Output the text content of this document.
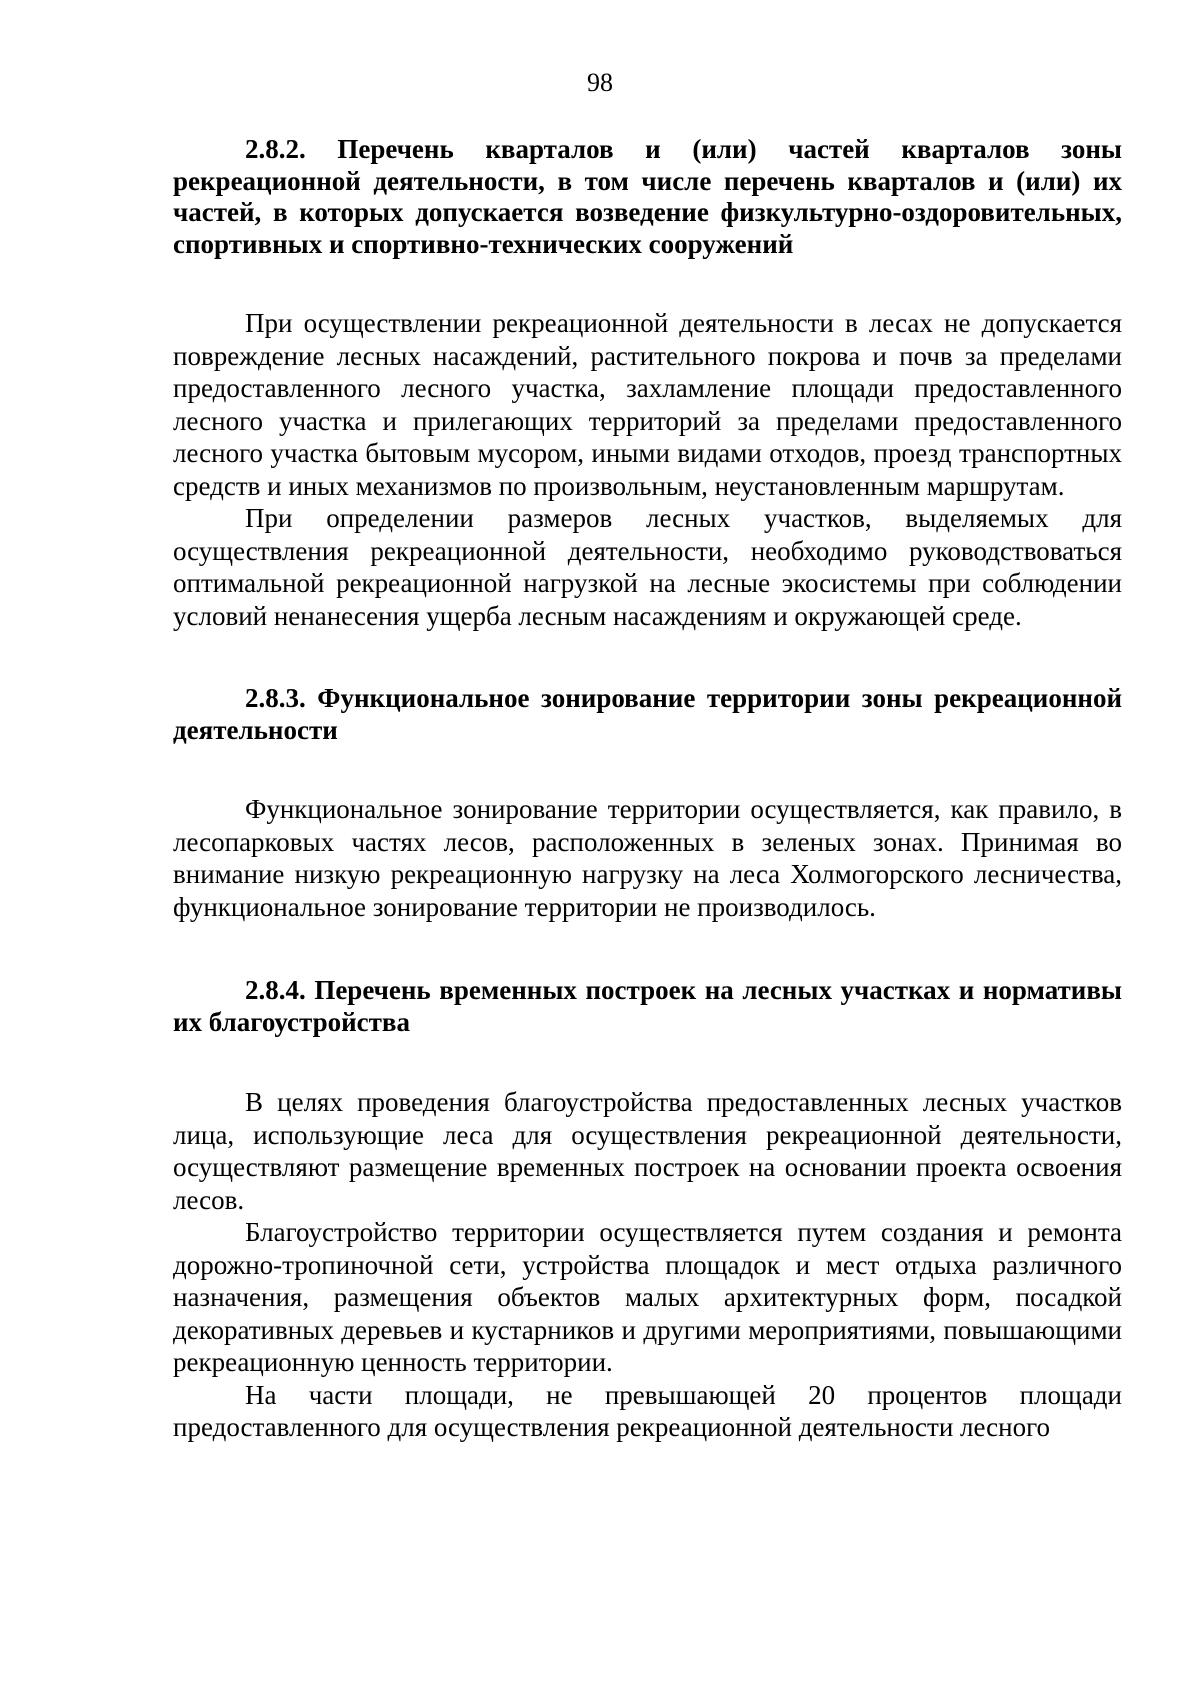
98
2.8.2. Перечень кварталов и (или) частей кварталов зоны рекреационной деятельности, в том числе перечень кварталов и (или) их частей, в которых допускается возведение физкультурно-оздоровительных, спортивных и спортивно-технических сооружений

При осуществлении рекреационной деятельности в лесах не допускается повреждение лесных насаждений, растительного покрова и почв за пределами предоставленного лесного участка, захламление площади предоставленного лесного участка и прилегающих территорий за пределами предоставленного лесного участка бытовым мусором, иными видами отходов, проезд транспортных средств и иных механизмов по произвольным, неустановленным маршрутам.

При определении размеров лесных участков, выделяемых для осуществления рекреационной деятельности, необходимо руководствоваться оптимальной рекреационной нагрузкой на лесные экосистемы при соблюдении условий ненанесения ущерба лесным насаждениям и окружающей среде.

2.8.3. Функциональное зонирование территории зоны рекреационной деятельности

Функциональное зонирование территории осуществляется, как правило, в лесопарковых частях лесов, расположенных в зеленых зонах. Принимая во внимание низкую рекреационную нагрузку на леса Холмогорского лесничества, функциональное зонирование территории не производилось.

2.8.4. Перечень временных построек на лесных участках и нормативы их благоустройства

В целях проведения благоустройства предоставленных лесных участков лица, использующие леса для осуществления рекреационной деятельности, осуществляют размещение временных построек на основании проекта освоения лесов.

Благоустройство территории осуществляется путем создания и ремонта дорожно-тропиночной сети, устройства площадок и мест отдыха различного назначения, размещения объектов малых архитектурных форм, посадкой декоративных деревьев и кустарников и другими мероприятиями, повышающими рекреационную ценность территории.

На части площади, не превышающей 20 процентов площади предоставленного для осуществления рекреационной деятельности лесного
